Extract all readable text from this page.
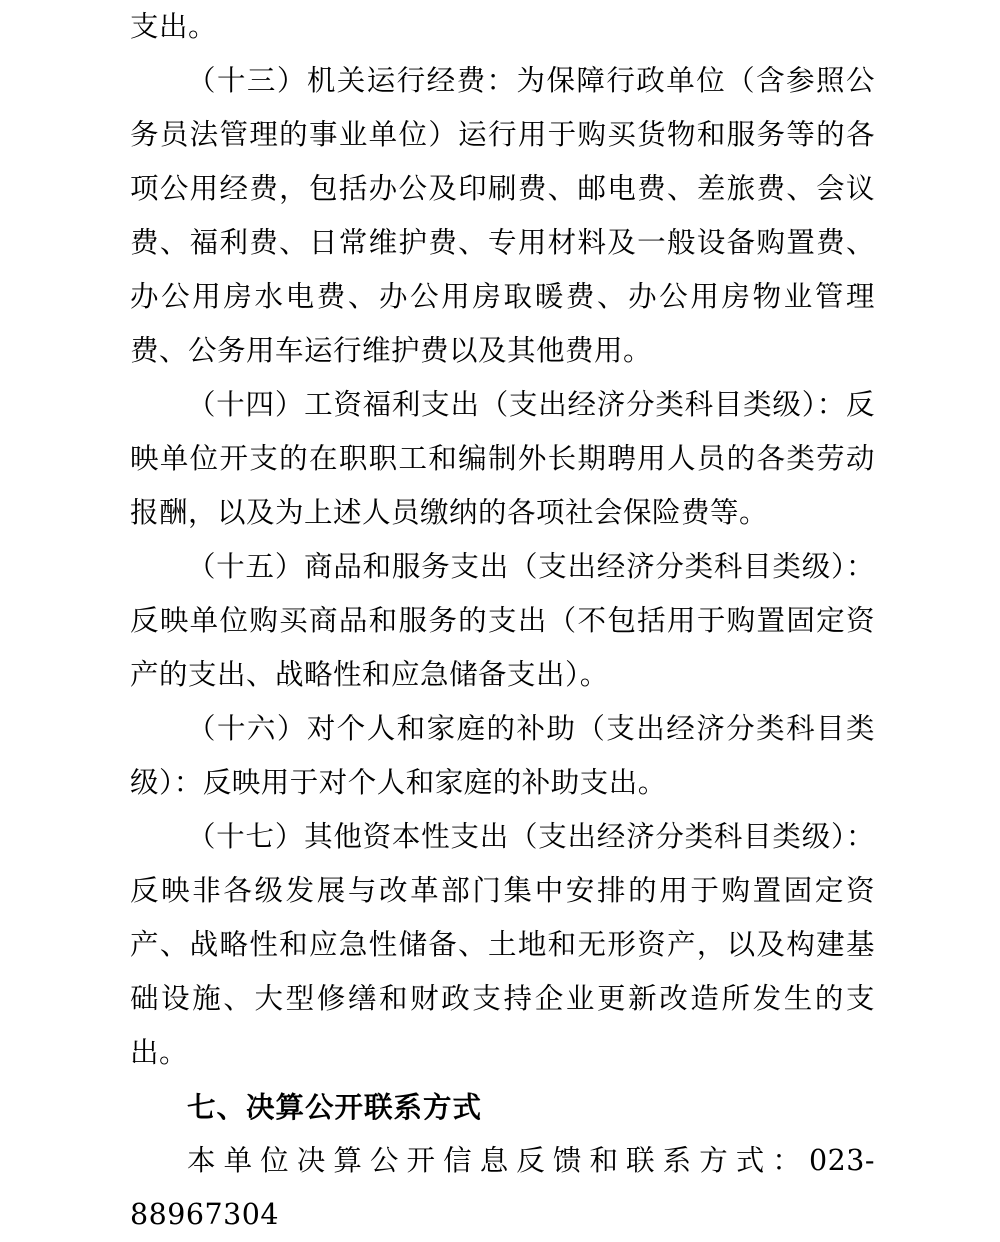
支出。

（十三）机关运行经费：为保障行政单位（含参照公务员法管理的事业单位）运行用于购买货物和服务等的各项公用经费，包括办公及印刷费、邮电费、差旅费、会议费、福利费、日常维护费、专用材料及一般设备购置费、办公用房水电费、办公用房取暖费、办公用房物业管理费、公务用车运行维护费以及其他费用。

（十四）工资福利支出（支出经济分类科目类级）：反映单位开支的在职职工和编制外长期聘用人员的各类劳动报酬，以及为上述人员缴纳的各项社会保险费等。

（十五）商品和服务支出（支出经济分类科目类级）：反映单位购买商品和服务的支出（不包括用于购置固定资产的支出、战略性和应急储备支出）。

（十六）对个人和家庭的补助（支出经济分类科目类级）：反映用于对个人和家庭的补助支出。

（十七）其他资本性支出（支出经济分类科目类级）：反映非各级发展与改革部门集中安排的用于购置固定资产、战略性和应急性储备、土地和无形资产，以及构建基础设施、大型修缮和财政支持企业更新改造所发生的支出。

七、决算公开联系方式

本单位决算公开信息反馈和联系方式：023-88967304
